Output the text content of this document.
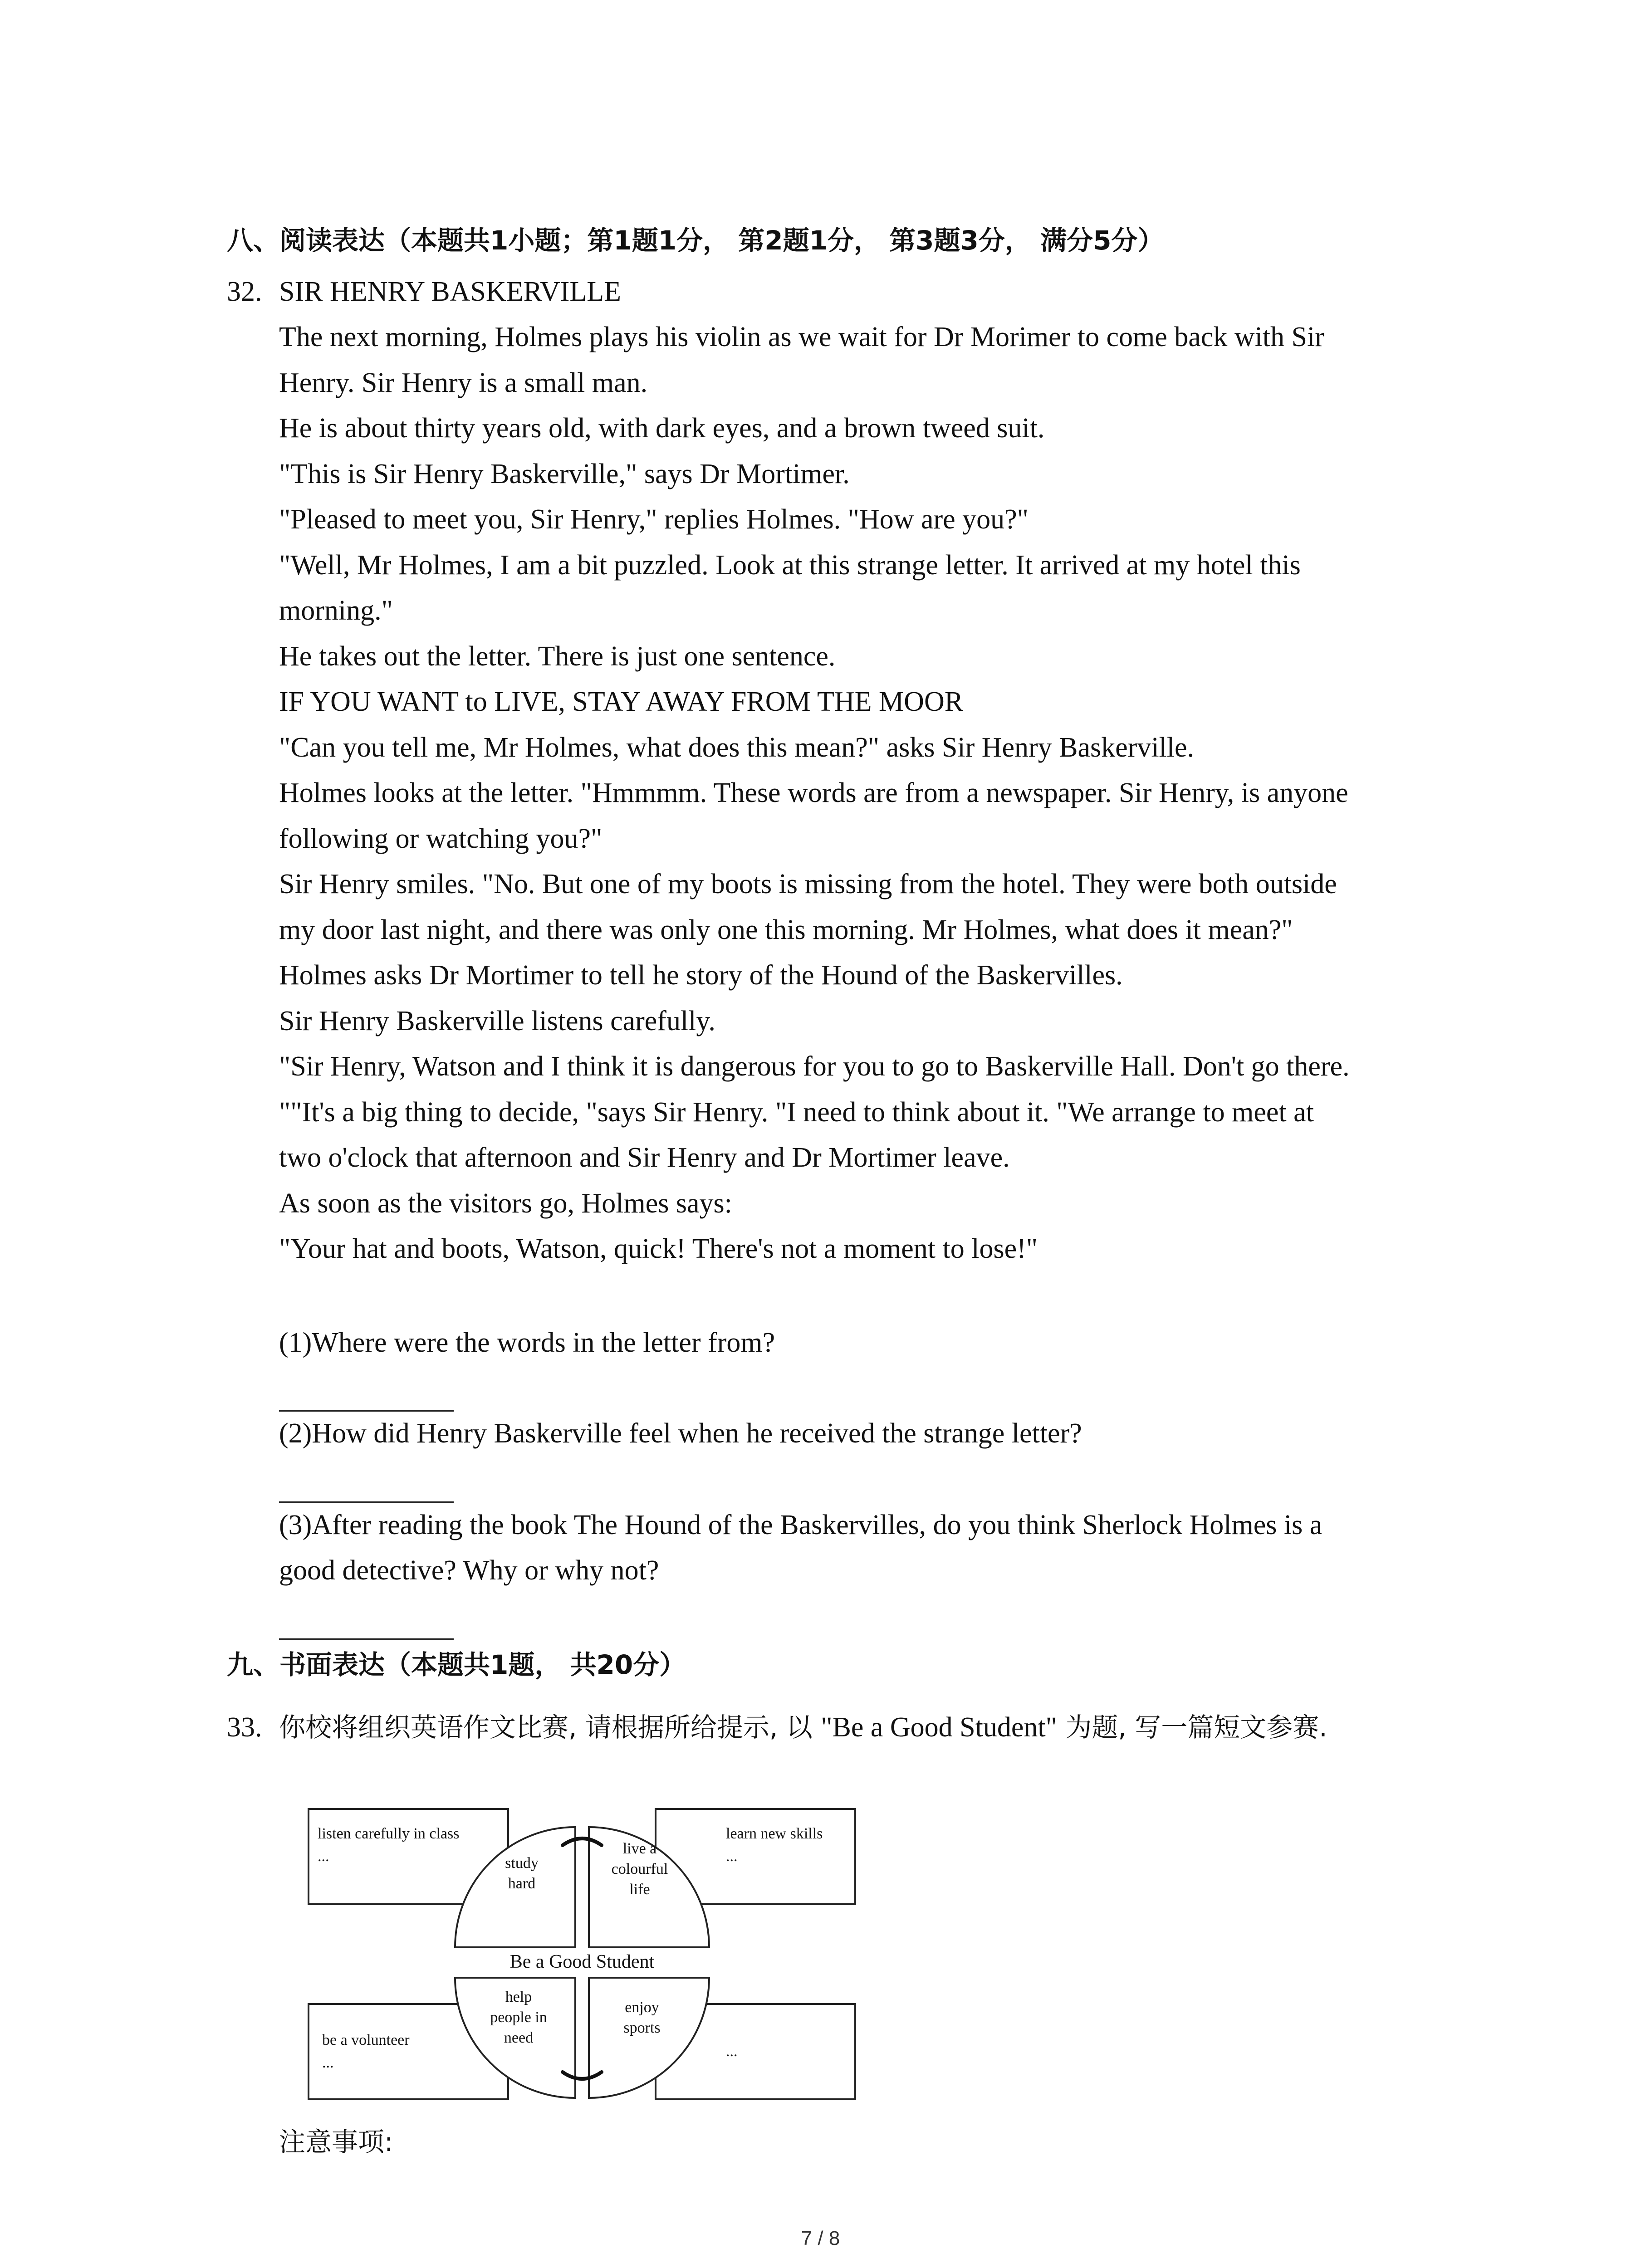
八、阅读表达（本题共1小题；第1题1分， 第2题1分， 第3题3分， 满分5分）
32. SIR HENRY BASKERVILLE
The next morning, Holmes plays his violin as we wait for Dr Morimer to come back with Sir
Henry. Sir Henry is a small man.
He is about thirty years old, with dark eyes, and a brown tweed suit.
"This is Sir Henry Baskerville," says Dr Mortimer.
"Pleased to meet you, Sir Henry," replies Holmes. "How are you?"
"Well, Mr Holmes, I am a bit puzzled. Look at this strange letter. It arrived at my hotel this
morning."
He takes out the letter. There is just one sentence.
IF YOU WANT to LIVE, STAY AWAY FROM THE MOOR
"Can you tell me, Mr Holmes, what does this mean?" asks Sir Henry Baskerville.
Holmes looks at the letter. "Hmmmm. These words are from a newspaper. Sir Henry, is anyone
following or watching you?"
Sir Henry smiles. "No. But one of my boots is missing from the hotel. They were both outside
my door last night, and there was only one this morning. Mr Holmes, what does it mean?"
Holmes asks Dr Mortimer to tell he story of the Hound of the Baskervilles.
Sir Henry Baskerville listens carefully.
"Sir Henry, Watson and I think it is dangerous for you to go to Baskerville Hall. Don't go there.
""It's a big thing to decide, "says Sir Henry. "I need to think about it. "We arrange to meet at
two o'clock that afternoon and Sir Henry and Dr Mortimer leave.
As soon as the visitors go, Holmes says:
"Your hat and boots, Watson, quick! There's not a moment to lose!"
(1)Where were the words in the letter from?
(2)How did Henry Baskerville feel when he received the strange letter?
(3)After reading the book The Hound of the Baskervilles, do you think Sherlock Holmes is a
good detective? Why or why not?
九、书面表达（本题共1题， 共20分）
33. 你校将组织英语作文比赛, 请根据所给提示, 以 "Be a Good Student" 为题, 写一篇短文参赛.
listen carefully in class
...
learn new skills
...
be a volunteer
...
...
study
hard
live a
colourful
life
help
people in
need
enjoy
sports
Be a Good Student
注意事项:
7 / 8
